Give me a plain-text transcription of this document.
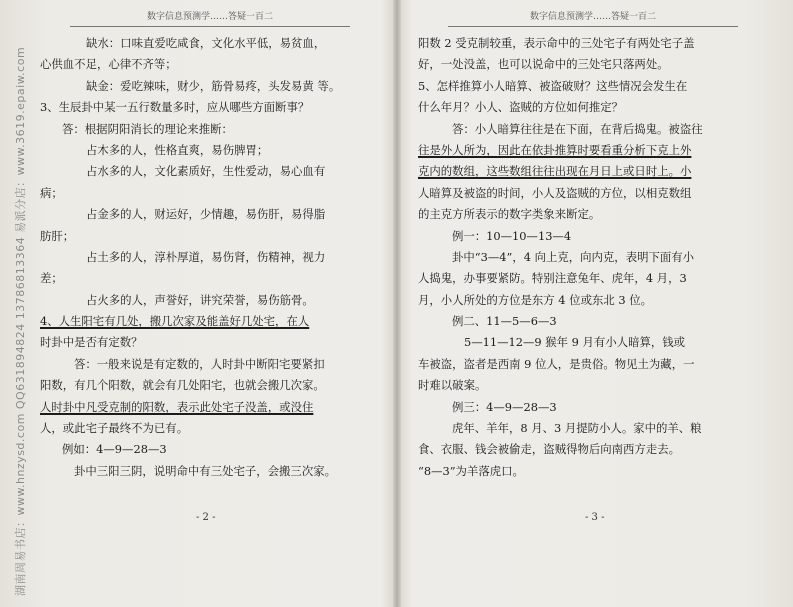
湖南周易书店：www.hnzysd.com QQ631894824 13786813364 易派分店：www.3619.epaiw.com
数字信息预测学……答疑一百二
缺水：口味直爱吃咸食，文化水平低，易贫血，
心供血不足，心律不齐等；
缺金：爱吃辣味，财少，筋骨易疼，头发易黄 等。
3、生辰卦中某一五行数量多时，应从哪些方面断事？
答：根据阴阳消长的理论来推断：
占木多的人，性格直爽，易伤脾胃；
占水多的人，文化素质好，生性爱动，易心血有
病；
占金多的人，财运好，少情趣，易伤肝，易得脂
肪肝；
占土多的人，淳朴厚道，易伤肾，伤精神，视力
差；
占火多的人，声誉好，讲究荣誉，易伤筋骨。
4、人生阳宅有几处，搬几次家及能盖好几处宅，在人
时卦中是否有定数？
答：一般来说是有定数的，人时卦中断阳宅要紧扣
阳数，有几个阳数，就会有几处阳宅，也就会搬几次家。
人时卦中凡受克制的阳数，表示此处宅子没盖，或没住
人，或此宅子最终不为已有。
例如：4—9—28—3
卦中三阳三阴，说明命中有三处宅子，会搬三次家。
- 2 -
数字信息预测学……答疑一百二
阳数 2 受克制较重，表示命中的三处宅子有两处宅子盖
好，一处没盖，也可以说命中的三处宅只落两处。
5、怎样推算小人暗算、被盗破财？这些情况会发生在
什么年月？小人、盗贼的方位如何推定？
答：小人暗算往往是在下面，在背后捣鬼。被盗往
往是外人所为，因此在依卦推算时要看重分析下克上外
克内的数组，这些数组往往出现在月日上或日时上。小
人暗算及被盗的时间，小人及盗贼的方位，以相克数组
的主克方所表示的数字类象来断定。
例一：10—10—13—4
卦中“3—4”，4 向上克，向内克，表明下面有小
人捣鬼，办事要紧防。特别注意兔年、虎年，4 月，3
月，小人所处的方位是东方 4 位或东北 3 位。
例二、11—5—6—3
5—11—12—9 猴年 9 月有小人暗算，钱或
车被盗，盗者是西南 9 位人，是贵俗。物见土为藏，一
时难以破案。
例三：4—9—28—3
虎年、羊年，8 月、3 月提防小人。家中的羊、粮
食、衣服、钱会被偷走，盗贼得物后向南西方走去。
“8—3”为羊落虎口。
- 3 -
